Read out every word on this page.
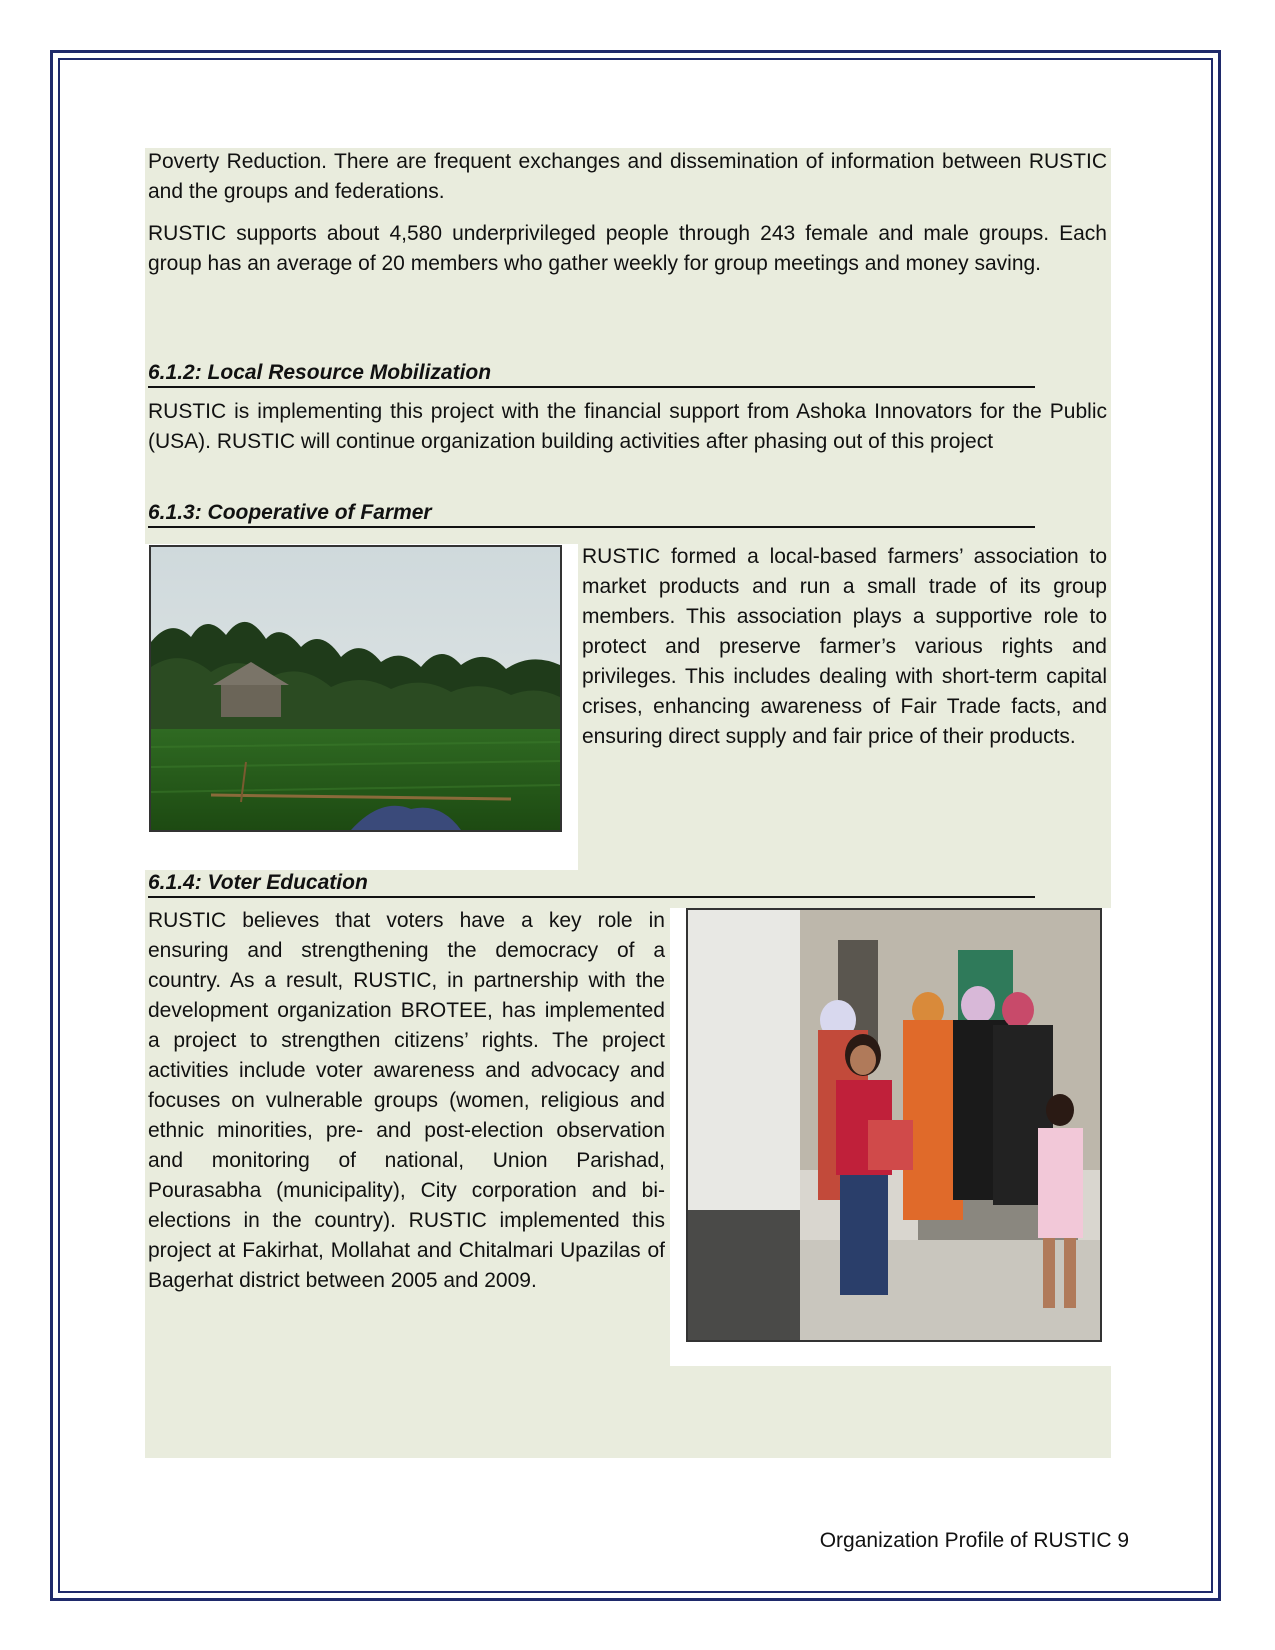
Poverty Reduction. There are frequent exchanges and dissemination of information between RUSTIC and the groups and federations.

RUSTIC supports about 4,580 underprivileged people through 243 female and male groups. Each group has an average of 20 members who gather weekly for group meetings and money saving.

6.1.2: Local Resource Mobilization

RUSTIC is implementing this project with the financial support from Ashoka Innovators for the Public (USA). RUSTIC will continue organization building activities after phasing out of this project

6.1.3: Cooperative of Farmer

RUSTIC formed a local-based farmers’ association to market products and run a small trade of its group members. This association plays a supportive role to protect and preserve farmer’s various rights and privileges. This includes dealing with short-term capital crises, enhancing awareness of Fair Trade facts, and ensuring direct supply and fair price of their products.

6.1.4: Voter Education

RUSTIC believes that voters have a key role in ensuring and strengthening the democracy of a country. As a result, RUSTIC, in partnership with the development organization BROTEE, has implemented a project to strengthen citizens’ rights. The project activities include voter awareness and advocacy and focuses on vulnerable groups (women, religious and ethnic minorities, pre- and post-election observation and monitoring of national, Union Parishad, Pourasabha (municipality), City corporation and bi-elections in the country). RUSTIC implemented this project at Fakirhat, Mollahat and Chitalmari Upazilas of Bagerhat district between 2005 and 2009.

Organization Profile of RUSTIC 9
